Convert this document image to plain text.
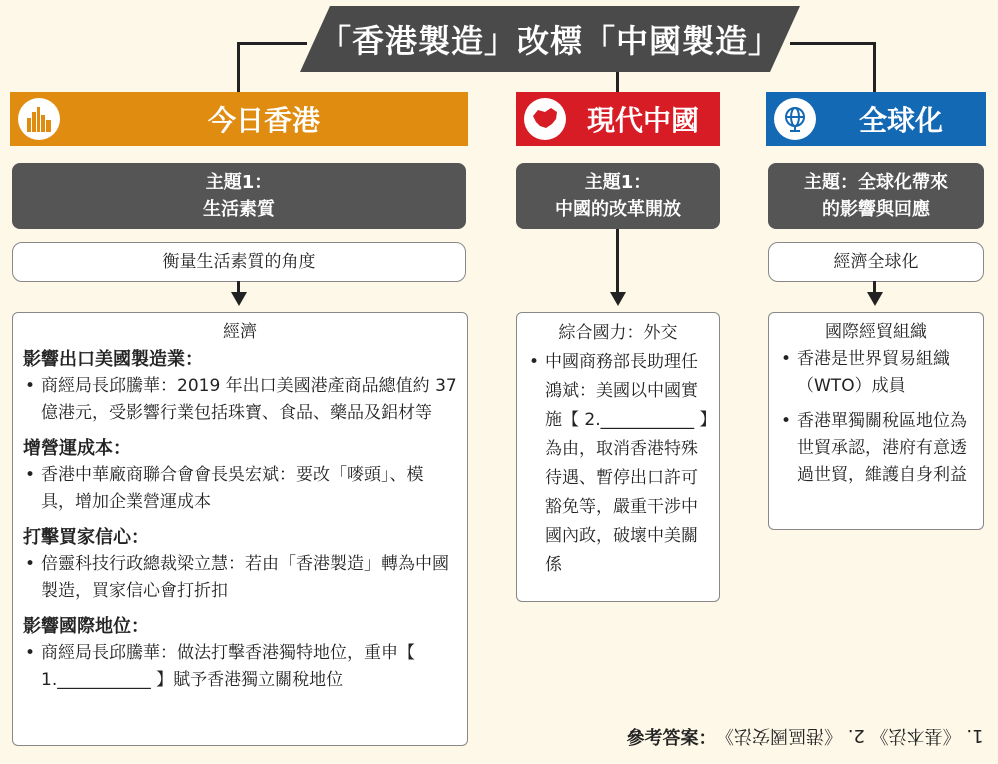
「香港製造」改標「中國製造」
今日香港
主題1：
生活素質
衡量生活素質的角度
經濟
影響出口美國製造業：
• 商經局長邱騰華：2019 年出口美國港產商品總值約 37 億港元，受影響行業包括珠寶、食品、藥品及鋁材等
增營運成本：
• 香港中華廠商聯合會會長吳宏斌：要改「嘜頭」、模具，增加企業營運成本
打擊買家信心：
• 倍靈科技行政總裁梁立慧：若由「香港製造」轉為中國製造，買家信心會打折扣
影響國際地位：
• 商經局長邱騰華：做法打擊香港獨特地位，重申【 1.___________ 】賦予香港獨立關稅地位
現代中國
主題1：
中國的改革開放
綜合國力：外交
• 中國商務部長助理任鴻斌：美國以中國實施【 2.___________ 】為由，取消香港特殊待遇、暫停出口許可豁免等，嚴重干涉中國內政，破壞中美關係
全球化
主題：全球化帶來
的影響與回應
經濟全球化
國際經貿組織
• 香港是世界貿易組織（WTO）成員
• 香港單獨關稅區地位為世貿承認，港府有意透過世貿，維護自身利益
參考答案：1. 《基本法》 2. 《港區國安法》
